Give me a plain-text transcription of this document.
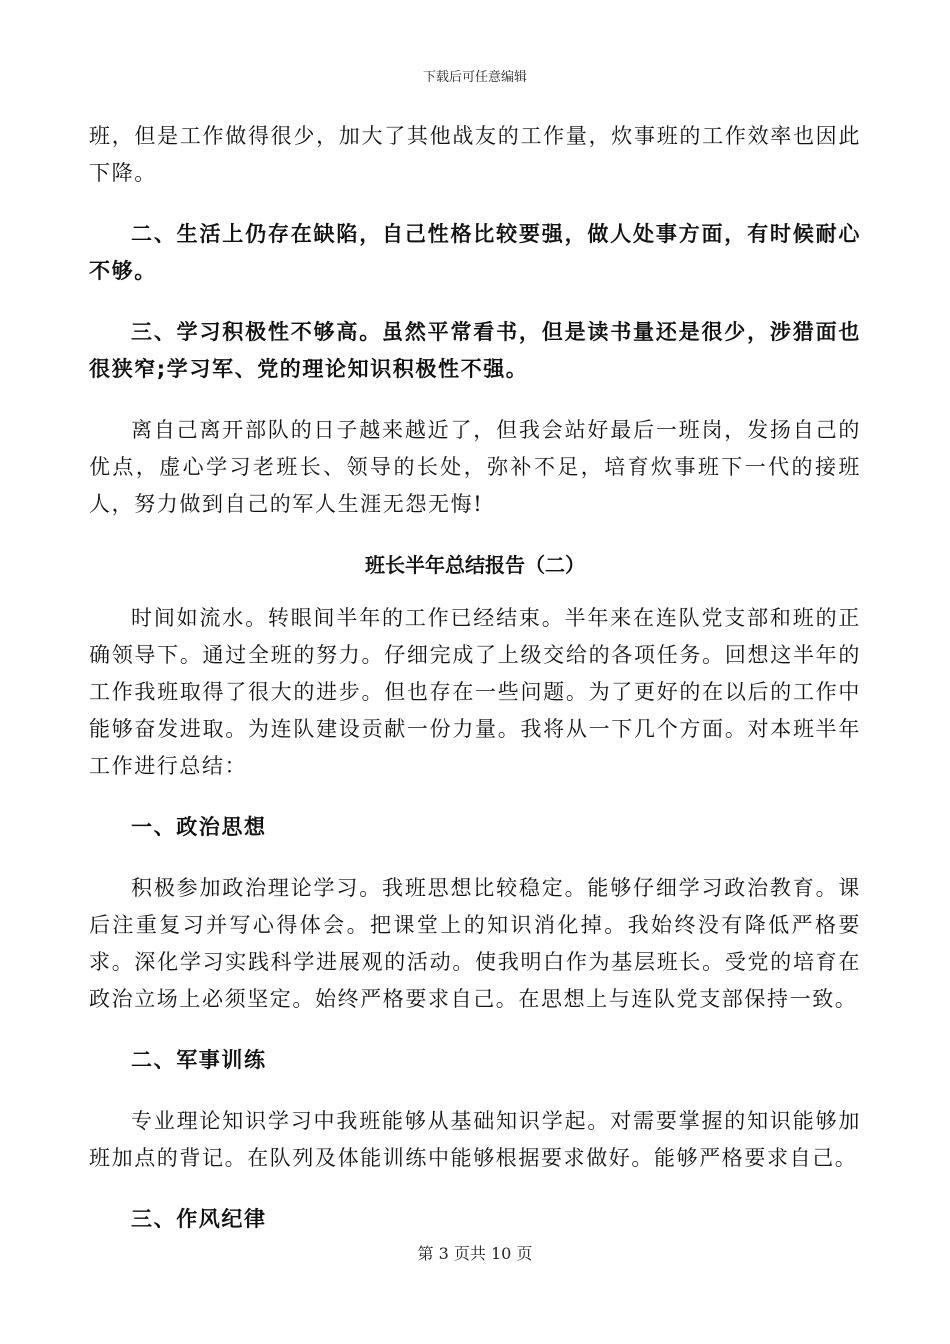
下载后可任意编辑

班，但是工作做得很少，加大了其他战友的工作量，炊事班的工作效率也因此下降。

二、生活上仍存在缺陷，自己性格比较要强，做人处事方面，有时候耐心不够。

三、学习积极性不够高。虽然平常看书，但是读书量还是很少，涉猎面也很狭窄;学习军、党的理论知识积极性不强。

离自己离开部队的日子越来越近了，但我会站好最后一班岗，发扬自己的优点，虚心学习老班长、领导的长处，弥补不足，培育炊事班下一代的接班人，努力做到自己的军人生涯无怨无悔!

班长半年总结报告（二）

时间如流水。转眼间半年的工作已经结束。半年来在连队党支部和班的正确领导下。通过全班的努力。仔细完成了上级交给的各项任务。回想这半年的工作我班取得了很大的进步。但也存在一些问题。为了更好的在以后的工作中能够奋发进取。为连队建设贡献一份力量。我将从一下几个方面。对本班半年工作进行总结：

一、政治思想

积极参加政治理论学习。我班思想比较稳定。能够仔细学习政治教育。课后注重复习并写心得体会。把课堂上的知识消化掉。我始终没有降低严格要求。深化学习实践科学进展观的活动。使我明白作为基层班长。受党的培育在政治立场上必须坚定。始终严格要求自己。在思想上与连队党支部保持一致。

二、军事训练

专业理论知识学习中我班能够从基础知识学起。对需要掌握的知识能够加班加点的背记。在队列及体能训练中能够根据要求做好。能够严格要求自己。

三、作风纪律

第 3 页共 10 页
